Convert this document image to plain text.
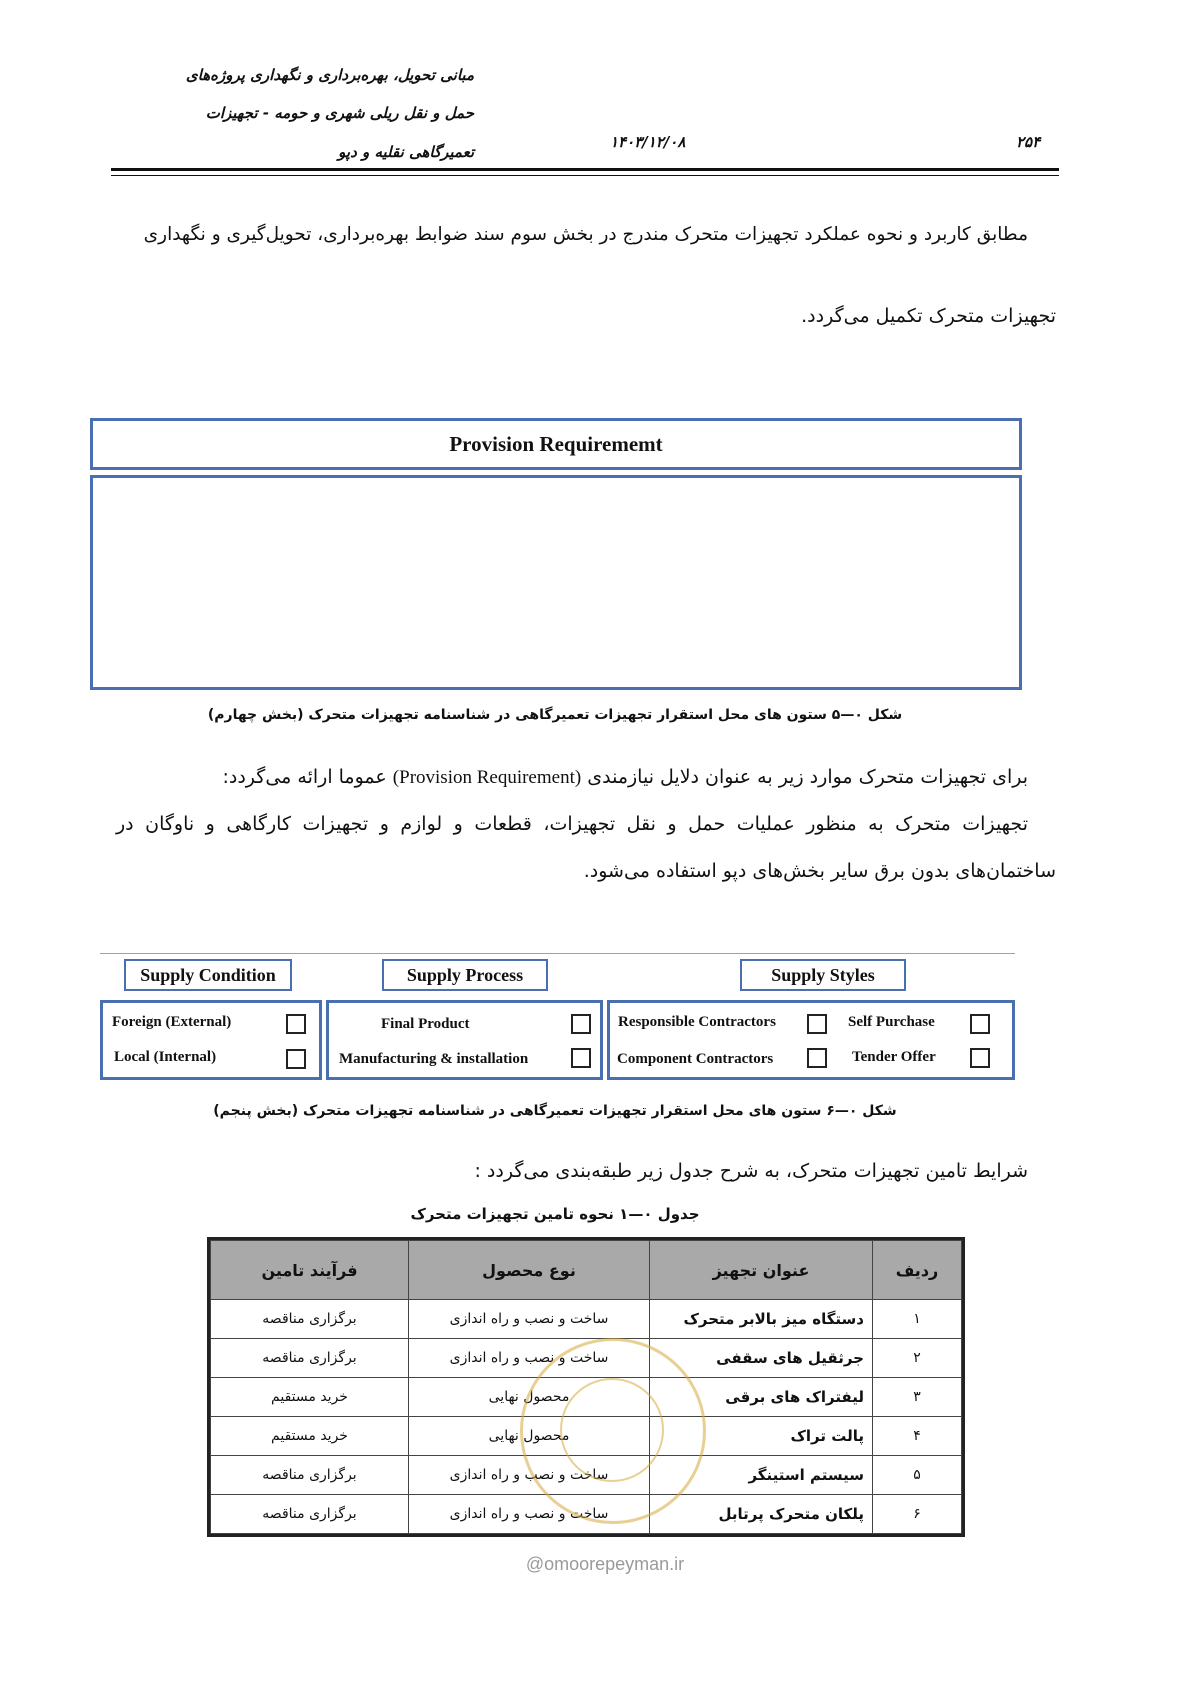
مبانی تحویل، بهره‌برداری و نگهداری پروژه‌های
حمل و نقل ریلی شهری و حومه - تجهیزات
تعمیرگاهی نقلیه و دپو
۱۴۰۳/۱۲/۰۸	۲۵۴
مطابق کاربرد و نحوه عملکرد تجهیزات متحرک مندرج در بخش سوم سند ضوابط بهره‌برداری، تحویل‌گیری و نگهداری
تجهیزات متحرک تکمیل می‌گردد.
Provision Requirememt
شکل ۰—۵ ستون های محل استقرار تجهیزات تعمیرگاهی در شناسنامه تجهیزات متحرک (بخش چهارم)
برای تجهیزات متحرک موارد زیر به عنوان دلایل نیازمندی (Provision Requirement) عموما ارائه می‌گردد:
تجهیزات متحرک به منظور عملیات حمل و نقل تجهیزات، قطعات و لوازم و تجهیزات کارگاهی و ناوگان در
ساختمان‌های بدون برق سایر بخش‌های دپو استفاده می‌شود.
Supply Condition	Supply Process	Supply Styles
Foreign (External)
Local (Internal)
Final Product
Manufacturing & installation
Responsible Contractors
Component Contractors
Self Purchase
Tender Offer
شکل ۰—۶ ستون های محل استقرار تجهیزات تعمیرگاهی در شناسنامه تجهیزات متحرک (بخش پنجم)
شرایط تامین تجهیزات متحرک، به شرح جدول زیر طبقه‌بندی می‌گردد :
جدول ۰—۱ نحوه تامین تجهیزات متحرک
ردیف	عنوان تجهیز	نوع محصول	فرآیند تامین
۱	دستگاه میز بالابر متحرک	ساخت و نصب و راه اندازی	برگزاری مناقصه
۲	جرثقیل های سقفی	ساخت و نصب و راه اندازی	برگزاری مناقصه
۳	لیفتراک های برقی	محصول نهایی	خرید مستقیم
۴	پالت تراک	محصول نهایی	خرید مستقیم
۵	سیستم استینگر	ساخت و نصب و راه اندازی	برگزاری مناقصه
۶	پلکان متحرک پرتابل	ساخت و نصب و راه اندازی	برگزاری مناقصه
@omoorepeyman.ir
